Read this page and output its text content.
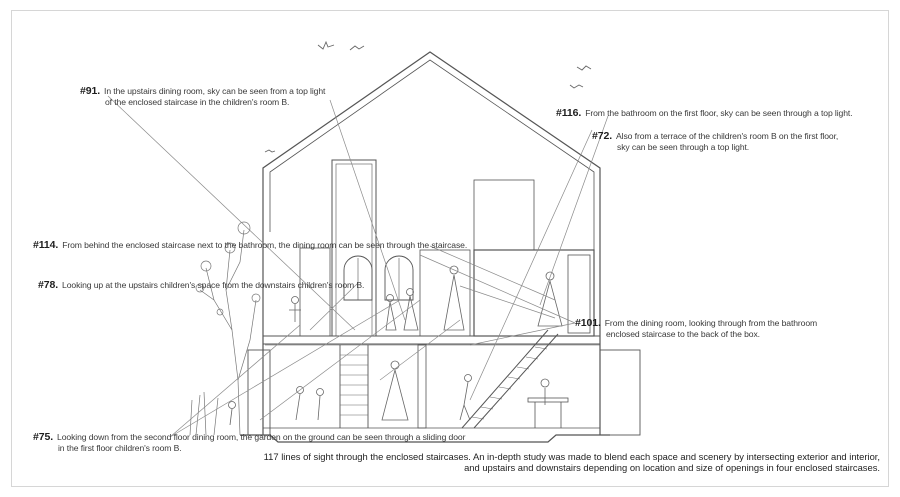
#91. In the upstairs dining room, sky can be seen from a top light
of the enclosed staircase in the children's room B.
#116. From the bathroom on the first floor, sky can be seen through a top light.
#72. Also from a terrace of the children's room B on the first floor,
sky can be seen through a top light.
#114. From behind the enclosed staircase next to the bathroom, the dining room can be seen through the staircase.
#78. Looking up at the upstairs children's space from the downstairs children's room B.
#101. From the dining room, looking through from the bathroom
enclosed staircase to the back of the box.
#75. Looking down from the second floor dining room, the garden on the ground can be seen through a sliding door
in the first floor children's room B.
117 lines of sight through the enclosed staircases. An in-depth study was made to blend each space and scenery by intersecting exterior and interior,
and upstairs and downstairs depending on location and size of openings in four enclosed staircases.
